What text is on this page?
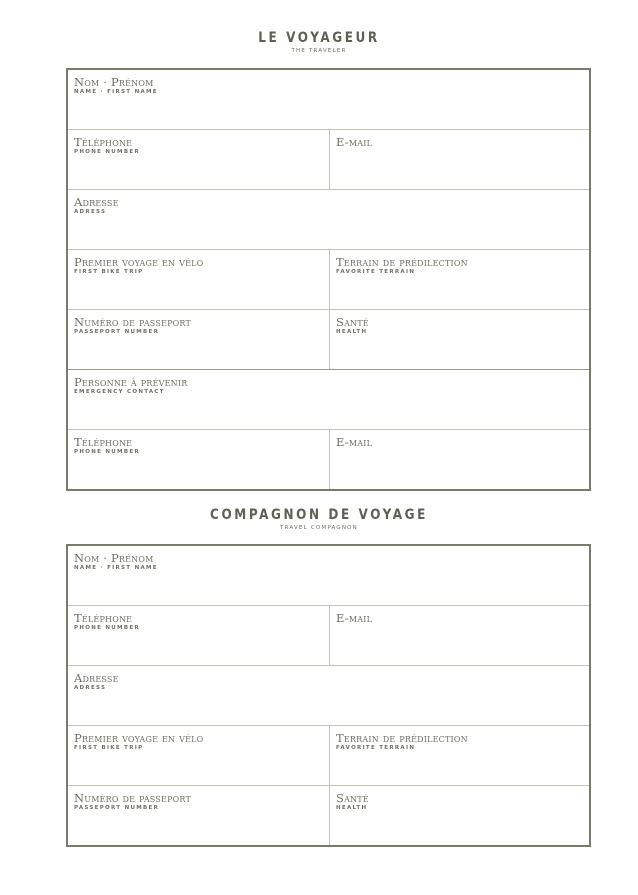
LE VOYAGEUR
THE TRAVELER
Nom · Prénom
NAME · FIRST NAME
Téléphone
PHONE NUMBER
E-mail
Adresse
ADRESS
Premier voyage en vélo
FIRST BIKE TRIP
Terrain de prédilection
FAVORITE TERRAIN
Numéro de passeport
PASSEPORT NUMBER
Santé
HEALTH
Personne à prévenir
EMERGENCY CONTACT
Téléphone
PHONE NUMBER
E-mail
COMPAGNON DE VOYAGE
TRAVEL COMPAGNON
Nom · Prénom
NAME · FIRST NAME
Téléphone
PHONE NUMBER
E-mail
Adresse
ADRESS
Premier voyage en vélo
FIRST BIKE TRIP
Terrain de prédilection
FAVORITE TERRAIN
Numéro de passeport
PASSEPORT NUMBER
Santé
HEALTH
